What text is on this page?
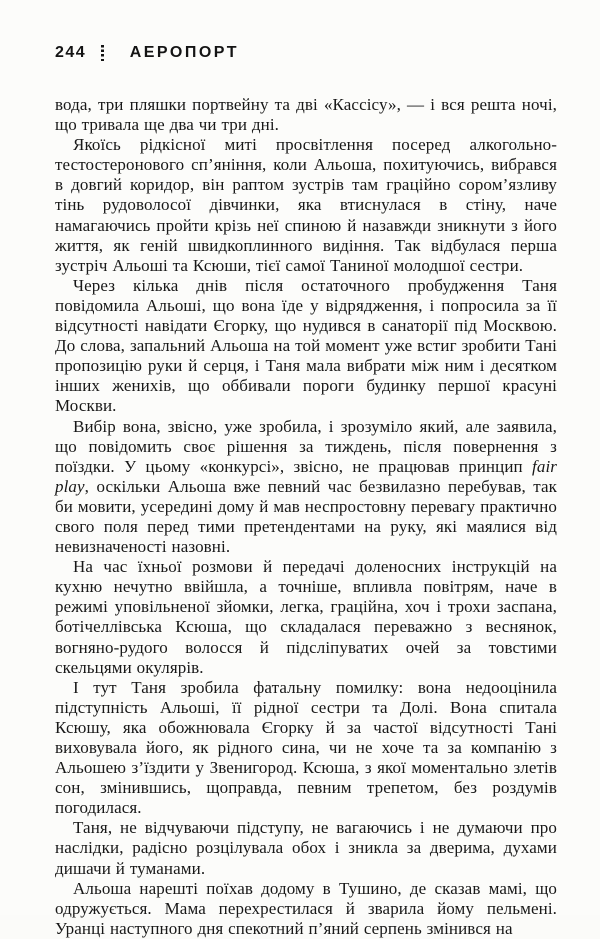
244	АЕРОПОРТ

вода, три пляшки портвейну та дві «Кассісу», — і вся решта ночі, що тривала ще два чи три дні.

Якоїсь рідкісної миті просвітлення посеред алкогольно-тестостеронового сп’яніння, коли Альоша, похитуючись, вибрався в довгий коридор, він раптом зустрів там граційно сором’язливу тінь рудоволосої дівчинки, яка втиснулася в стіну, наче намагаючись пройти крізь неї спиною й назавжди зникнути з його життя, як геній швидкоплинного видіння. Так відбулася перша зустріч Альоші та Ксюши, тієї самої Таниної молодшої сестри.

Через кілька днів після остаточного пробудження Таня повідомила Альоші, що вона їде у відрядження, і попросила за її відсутності навідати Єгорку, що нудився в санаторії під Москвою. До слова, запальний Альоша на той момент уже встиг зробити Тані пропозицію руки й серця, і Таня мала вибрати між ним і десятком інших женихів, що оббивали пороги будинку першої красуні Москви.

Вибір вона, звісно, уже зробила, і зрозуміло який, але заявила, що повідомить своє рішення за тиждень, після повернення з поїздки. У цьому «конкурсі», звісно, не працював принцип fair play, оскільки Альоша вже певний час безвилазно перебував, так би мовити, усередині дому й мав неспростовну перевагу практично свого поля перед тими претендентами на руку, які маялися від невизначеності назовні.

На час їхньої розмови й передачі доленосних інструкцій на кухню нечутно ввійшла, а точніше, впливла повітрям, наче в режимі уповільненої зйомки, легка, граційна, хоч і трохи заспана, ботічеллівська Ксюша, що складалася переважно з веснянок, вогняно-рудого волосся й підсліпуватих очей за товстими скельцями окулярів.

І тут Таня зробила фатальну помилку: вона недооцінила підступність Альоші, її рідної сестри та Долі. Вона спитала Ксюшу, яка обожнювала Єгорку й за частої відсутності Тані виховувала його, як рідного сина, чи не хоче та за компанію з Альошею з’їздити у Звенигород. Ксюша, з якої моментально злетів сон, змінившись, щоправда, певним трепетом, без роздумів погодилася.

Таня, не відчуваючи підступу, не вагаючись і не думаючи про наслідки, радісно розцілувала обох і зникла за дверима, духами дишачи й туманами.

Альоша нарешті поїхав додому в Тушино, де сказав мамі, що одружується. Мама перехрестилася й зварила йому пельмені. Уранці наступного дня спекотний п’яний серпень змінився на
